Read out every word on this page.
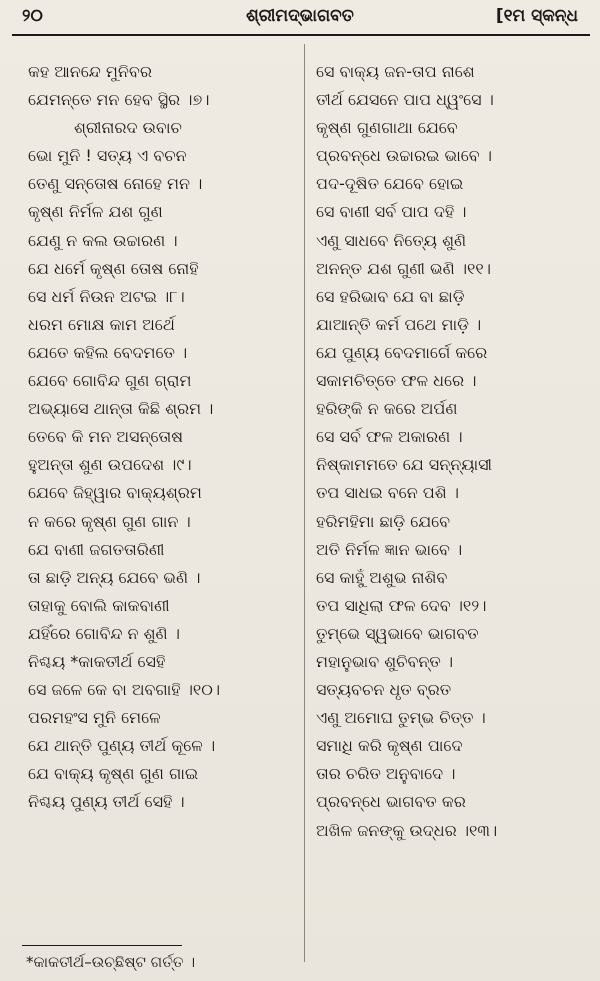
୨୦	ଶ୍ରୀମଦ୍‌ଭାଗବତ	[୧ମ ସ୍କନ୍ଧ
କହ ଆନନ୍ଦେ ମୁନିବର
ଯେମନ୍ତେ ମନ ହେବ ସ୍ଥିର ।୭।
ଶ୍ରୀନାରଦ ଉବାଚ
ଭୋ ମୁନି ! ସତ୍ୟ ଏ ବଚନ
ତେଣୁ ସନ୍ତୋଷ ନୋହେ ମନ ।
କୃଷ୍ଣ ନିର୍ମଳ ଯଶ ଗୁଣ
ଯେଣୁ ନ କଲ ଉଚ୍ଚାରଣ ।
ଯେ ଧର୍ମେ କୃଷ୍ଣ ତୋଷ ନୋହି
ସେ ଧର୍ମ ନିଉନ ଅଟଇ ।୮।
ଧରମ ମୋକ୍ଷ କାମ ଅର୍ଥେ
ଯେତେ କହିଲ ବେଦମତେ ।
ଯେବେ ଗୋବିନ୍ଦ ଗୁଣ ଗ୍ରାମ
ଅଭ୍ୟାସେ ଥାନ୍ତା କିଛି ଶ୍ରମ ।
ତେବେ କି ମନ ଅସନ୍ତୋଷ
ହୁଅନ୍ତା ଶୁଣ ଉପଦେଶ ।୯।
ଯେବେ ଜିହ୍ୱାର ବାକ୍ୟଶ୍ରମ
ନ କରେ କୃଷ୍ଣ ଗୁଣ ଗାନ ।
ଯେ ବାଣୀ ଜଗତତାରିଣୀ
ତା ଛାଡ଼ି ଅନ୍ୟ ଯେବେ ଭଣି ।
ତାହାକୁ ବୋଲି କାକବାଣୀ
ଯହିଁରେ ଗୋବିନ୍ଦ ନ ଶୁଣି ।
ନିଶ୍ଚୟ *କାକତୀର୍ଥ ସେହି
ସେ ଜଳେ କେ ବା ଅବଗାହି ।୧୦।
ପରମହଂସ ମୁନି ମେଳେ
ଯେ ଥାନ୍ତି ପୁଣ୍ୟ ତୀର୍ଥ କୂଳେ ।
ଯେ ବାକ୍ୟ କୃଷ୍ଣ ଗୁଣ ଗାଇ
ନିଶ୍ଚୟ ପୁଣ୍ୟ ତୀର୍ଥ ସେହି ।
ସେ ବାକ୍ୟ ଜନ-ତାପ ନାଶେ
ତୀର୍ଥ ଯେସନେ ପାପ ଧ୍ୱଂସେ ।
କୃଷ୍ଣ ଗୁଣଗାଥା ଯେବେ
ପ୍ରବନ୍ଧେ ଉଚ୍ଚାରଇ ଭାବେ ।
ପଦ-ଦୂଷିତ ଯେବେ ହୋଇ
ସେ ବାଣୀ ସର୍ବ ପାପ ଦହି ।
ଏଣୁ ସାଧବେ ନିତ୍ୟେ ଶୁଣି
ଅନନ୍ତ ଯଶ ଗୁଣୀ ଭଣି ।୧୧।
ସେ ହରିଭାବ ଯେ ବା ଛାଡ଼ି
ଯାଆନ୍ତି କର୍ମ ପଥେ ମାଡ଼ି ।
ଯେ ପୁଣ୍ୟ ବେଦମାର୍ଗେ କରେ
ସକାମଚିତ୍ତେ ଫଳ ଧରେ ।
ହରିଙ୍କି ନ କରେ ଅର୍ପଣ
ସେ ସର୍ବ ଫଳ ଅକାରଣ ।
ନିଷ୍କାମମତେ ଯେ ସନ୍ନ୍ୟାସୀ
ତପ ସାଧଇ ବନେ ପଶି ।
ହରିମହିମା ଛାଡ଼ି ଯେବେ
ଅତି ନିର୍ମଳ ଜ୍ଞାନ ଭାବେ ।
ସେ କାହୁଁ ଅଶୁଭ ନାଶିବ
ତପ ସାଧିଲା ଫଳ ଦେବ ।୧୨।
ତୁମ୍ଭେ ସ୍ୱଭାବେ ଭାଗବତ
ମହାନୁଭାବ ଶୁଚିବନ୍ତ ।
ସତ୍ୟବଚନ ଧୃତ ବ୍ରତ
ଏଣୁ ଅମୋଘ ତୁମ୍ଭ ଚିତ୍ତ ।
ସମାଧି କରି କୃଷ୍ଣ ପାଦେ
ତାର ଚରିତ ଅନୁବାଦେ ।
ପ୍ରବନ୍ଧେ ଭାଗବତ କର
ଅଖିଳ ଜନଙ୍କୁ ଉଦ୍ଧର ।୧୩।
*କାକତୀର୍ଥ–ଉଚ୍ଛିଷ୍ଟ ଗର୍ତ୍ତ ।
